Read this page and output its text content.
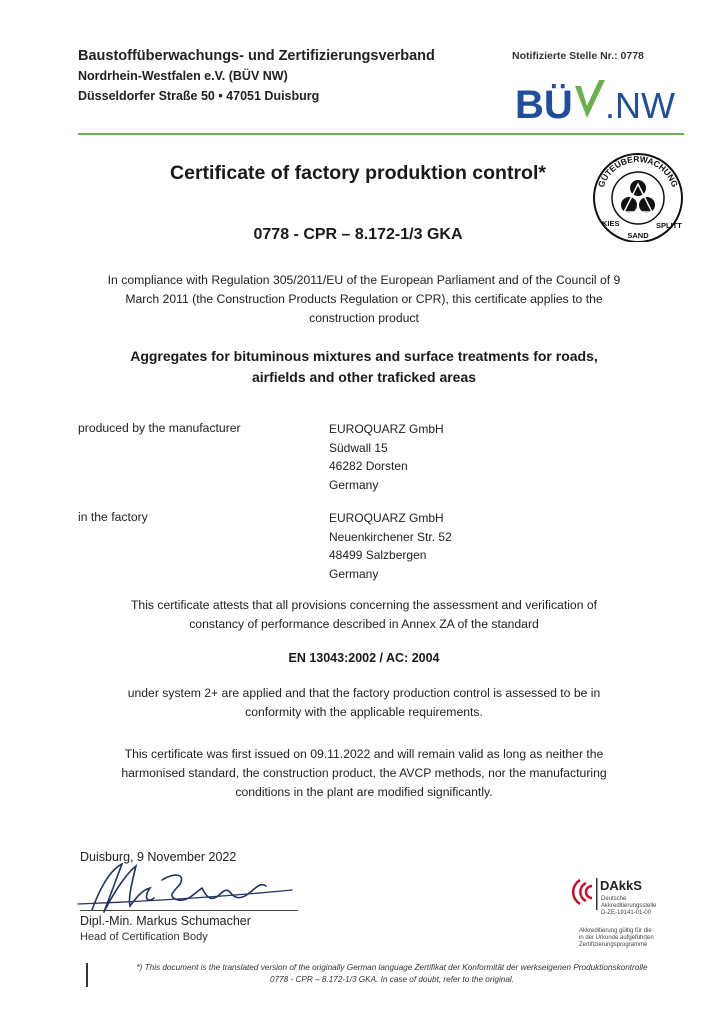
Baustoffüberwachungs- und Zertifizierungsverband
Nordrhein-Westfalen e.V. (BÜV NW)
Düsseldorfer Straße 50 • 47051 Duisburg
Notifizierte Stelle Nr.: 0778
BÜ .NW
Certificate of factory produktion control*	GÜTEÜBERWACHUNG
KIES
SAND
SPLITT
0778 - CPR – 8.172-1/3 GKA
In compliance with Regulation 305/2011/EU of the European Parliament and of the Council of 9
March 2011 (the Construction Products Regulation or CPR), this certificate applies to the
construction product
Aggregates for bituminous mixtures and surface treatments for roads,
airfields and other traficked areas
produced by the manufacturer	EUROQUARZ GmbH
Südwall 15
46282 Dorsten
Germany
in the factory	EUROQUARZ GmbH
Neuenkirchener Str. 52
48499 Salzbergen
Germany
This certificate attests that all provisions concerning the assessment and verification of
constancy of performance described in Annex ZA of the standard
EN 13043:2002 / AC: 2004
under system 2+ are applied and that the factory production control is assessed to be in
conformity with the applicable requirements.
This certificate was first issued on 09.11.2022 and will remain valid as long as neither the
harmonised standard, the construction product, the AVCP methods, nor the manufacturing
conditions in the plant are modified significantly.
Duisburg, 9 November 2022
Dipl.-Min. Markus Schumacher
Head of Certification Body
DAkkS
Deutsche
Akkreditierungsstelle
D-ZE-19141-01-00
Akkreditierung gültig für die
in der Urkunde aufgeführten
Zertifizierungsprogramme
*) This document is the translated version of the originally German language Zertifikat der Konformität der werkseigenen Produktionskontrolle
0778 - CPR – 8.172-1/3 GKA. In case of doubt, refer to the original.
